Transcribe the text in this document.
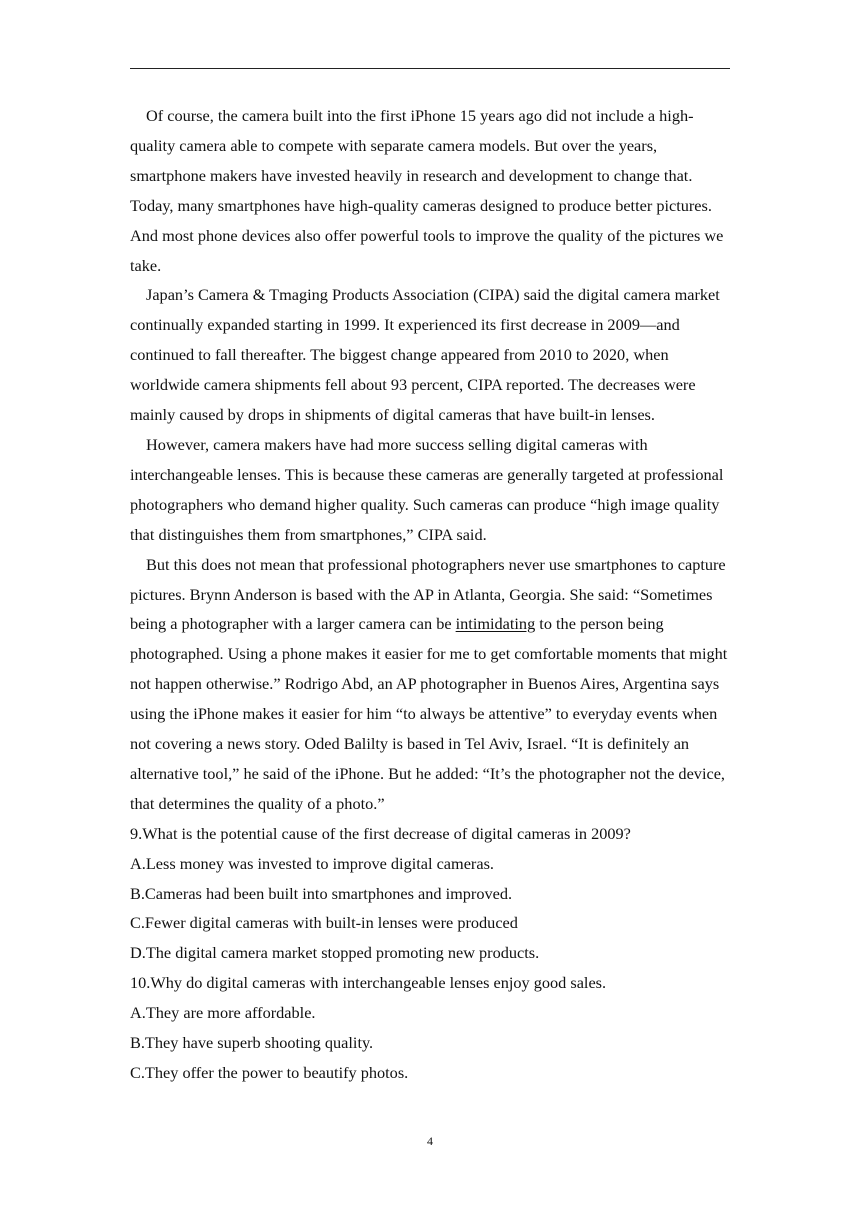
Of course, the camera built into the first iPhone 15 years ago did not include a high-quality camera able to compete with separate camera models. But over the years, smartphone makers have invested heavily in research and development to change that. Today, many smartphones have high-quality cameras designed to produce better pictures. And most phone devices also offer powerful tools to improve the quality of the pictures we take.

Japan’s Camera & Tmaging Products Association (CIPA) said the digital camera market continually expanded starting in 1999. It experienced its first decrease in 2009—and continued to fall thereafter. The biggest change appeared from 2010 to 2020, when worldwide camera shipments fell about 93 percent, CIPA reported. The decreases were mainly caused by drops in shipments of digital cameras that have built-in lenses.

However, camera makers have had more success selling digital cameras with interchangeable lenses. This is because these cameras are generally targeted at professional photographers who demand higher quality. Such cameras can produce “high image quality that distinguishes them from smartphones,” CIPA said.

But this does not mean that professional photographers never use smartphones to capture pictures. Brynn Anderson is based with the AP in Atlanta, Georgia. She said: “Sometimes being a photographer with a larger camera can be intimidating to the person being photographed. Using a phone makes it easier for me to get comfortable moments that might not happen otherwise.” Rodrigo Abd, an AP photographer in Buenos Aires, Argentina says using the iPhone makes it easier for him “to always be attentive” to everyday events when not covering a news story. Oded Balilty is based in Tel Aviv, Israel. “It is definitely an alternative tool,” he said of the iPhone. But he added: “It’s the photographer not the device, that determines the quality of a photo.”

9.What is the potential cause of the first decrease of digital cameras in 2009?

A.Less money was invested to improve digital cameras.

B.Cameras had been built into smartphones and improved.

C.Fewer digital cameras with built-in lenses were produced

D.The digital camera market stopped promoting new products.

10.Why do digital cameras with interchangeable lenses enjoy good sales.

A.They are more affordable.

B.They have superb shooting quality.

C.They offer the power to beautify photos.

4
